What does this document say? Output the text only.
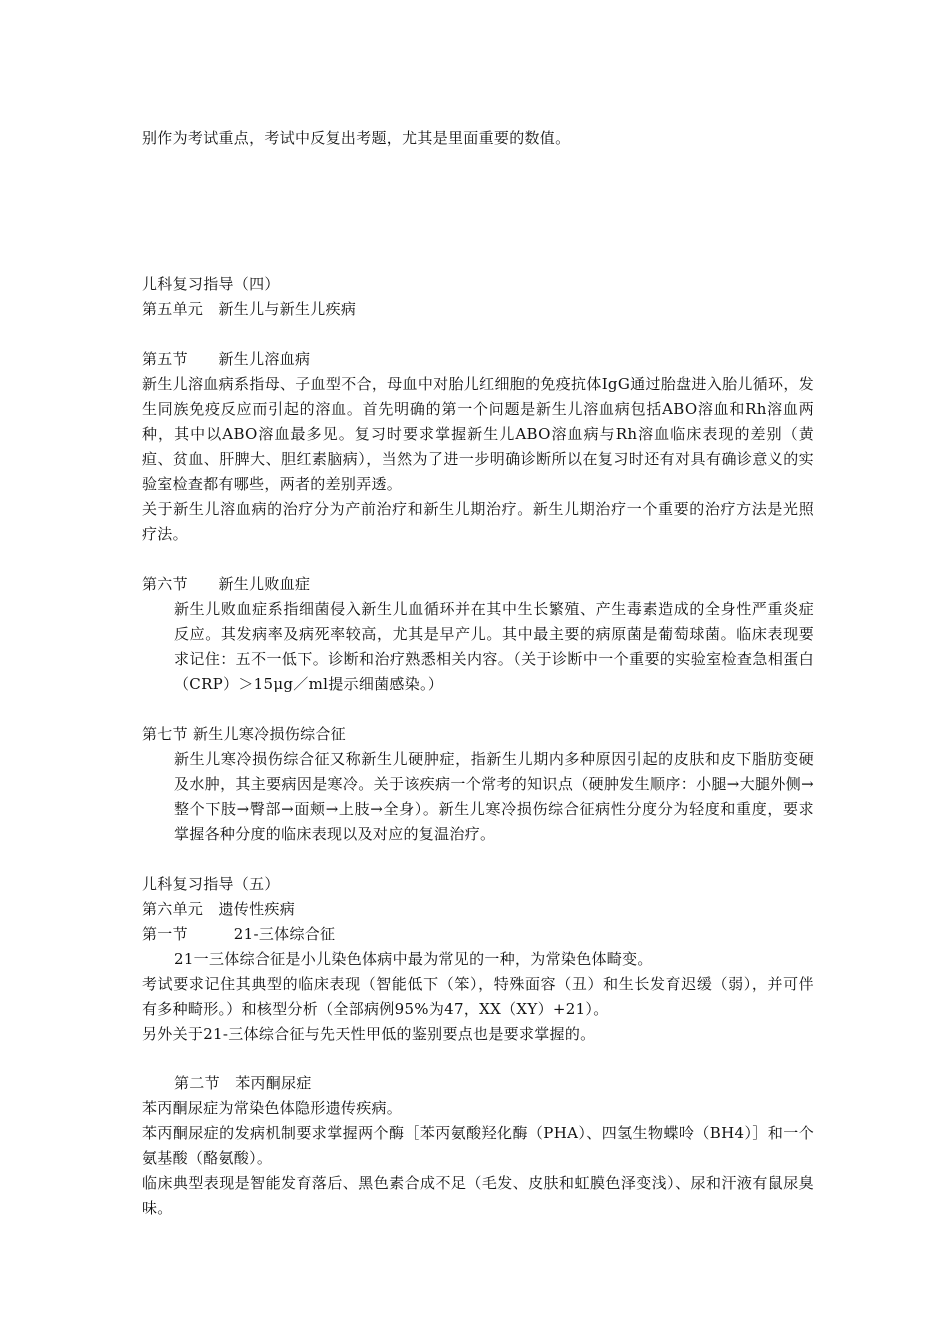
别作为考试重点，考试中反复出考题，尤其是里面重要的数值。

儿科复习指导（四）

第五单元　新生儿与新生儿疾病

第五节　　新生儿溶血病

新生儿溶血病系指母、子血型不合，母血中对胎儿红细胞的免疫抗体IgG通过胎盘进入胎儿循环，发生同族免疫反应而引起的溶血。首先明确的第一个问题是新生儿溶血病包括ABO溶血和Rh溶血两种，其中以ABO溶血最多见。复习时要求掌握新生儿ABO溶血病与Rh溶血临床表现的差别（黄疸、贫血、肝脾大、胆红素脑病），当然为了进一步明确诊断所以在复习时还有对具有确诊意义的实验室检查都有哪些，两者的差别弄透。

关于新生儿溶血病的治疗分为产前治疗和新生儿期治疗。新生儿期治疗一个重要的治疗方法是光照疗法。

第六节　　新生儿败血症

新生儿败血症系指细菌侵入新生儿血循环并在其中生长繁殖、产生毒素造成的全身性严重炎症反应。其发病率及病死率较高，尤其是早产儿。其中最主要的病原菌是葡萄球菌。临床表现要求记住：五不一低下。诊断和治疗熟悉相关内容。（关于诊断中一个重要的实验室检查急相蛋白（CRP）＞15μg／ml提示细菌感染。）

第七节 新生儿寒冷损伤综合征

新生儿寒冷损伤综合征又称新生儿硬肿症，指新生儿期内多种原因引起的皮肤和皮下脂肪变硬及水肿，其主要病因是寒冷。关于该疾病一个常考的知识点（硬肿发生顺序：小腿→大腿外侧→整个下肢→臀部→面颊→上肢→全身）。新生儿寒冷损伤综合征病性分度分为轻度和重度，要求掌握各种分度的临床表现以及对应的复温治疗。

儿科复习指导（五）

第六单元　遗传性疾病

第一节　　　21-三体综合征

21一三体综合征是小儿染色体病中最为常见的一种，为常染色体畸变。

考试要求记住其典型的临床表现（智能低下（笨），特殊面容（丑）和生长发育迟缓（弱），并可伴有多种畸形。）和核型分析（全部病例95%为47，XX（XY）+21）。

另外关于21-三体综合征与先天性甲低的鉴别要点也是要求掌握的。

第二节　苯丙酮尿症

苯丙酮尿症为常染色体隐形遗传疾病。

苯丙酮尿症的发病机制要求掌握两个酶［苯丙氨酸羟化酶（PHA）、四氢生物蝶呤（BH4）］和一个氨基酸（酪氨酸）。

临床典型表现是智能发育落后、黑色素合成不足（毛发、皮肤和虹膜色泽变浅）、尿和汗液有鼠尿臭味。
